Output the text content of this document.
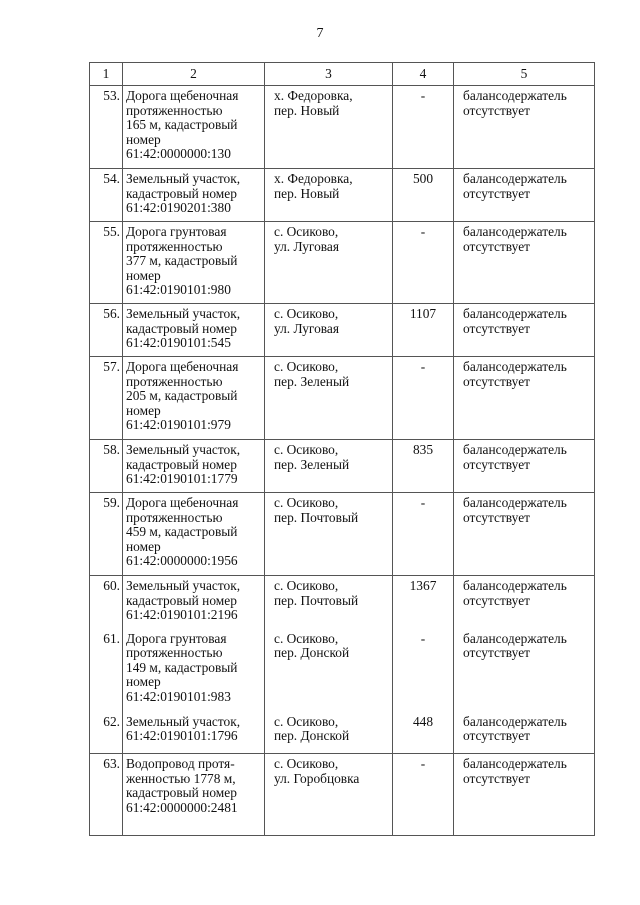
7
1	2	3	4	5

53.	Дорога щебеночная
протяженностью
165 м, кадастровый
номер
61:42:0000000:130	х. Федоровка,
пер. Новый	-	балансодержатель
отсутствует

54.	Земельный участок,
кадастровый номер
61:42:0190201:380	х. Федоровка,
пер. Новый	500	балансодержатель
отсутствует

55.	Дорога грунтовая
протяженностью
377 м, кадастровый
номер
61:42:0190101:980	с. Осиково,
ул. Луговая	-	балансодержатель
отсутствует

56.	Земельный участок,
кадастровый номер
61:42:0190101:545	с. Осиково,
ул. Луговая	1107	балансодержатель
отсутствует

57.	Дорога щебеночная
протяженностью
205 м, кадастровый
номер
61:42:0190101:979	с. Осиково,
пер. Зеленый	-	балансодержатель
отсутствует

58.	Земельный участок,
кадастровый номер
61:42:0190101:1779	с. Осиково,
пер. Зеленый	835	балансодержатель
отсутствует

59.	Дорога щебеночная
протяженностью
459 м, кадастровый
номер
61:42:0000000:1956	с. Осиково,
пер. Почтовый	-	балансодержатель
отсутствует

60.	Земельный участок,
кадастровый номер
61:42:0190101:2196	с. Осиково,
пер. Почтовый	1367	балансодержатель
отсутствует

61.	Дорога грунтовая
протяженностью
149 м, кадастровый
номер
61:42:0190101:983	с. Осиково,
пер. Донской	-	балансодержатель
отсутствует

62.	Земельный участок,
61:42:0190101:1796	с. Осиково,
пер. Донской	448	балансодержатель
отсутствует

63.	Водопровод протя-
женностью 1778 м,
кадастровый номер
61:42:0000000:2481	с. Осиково,
ул. Горобцовка	-	балансодержатель
отсутствует
